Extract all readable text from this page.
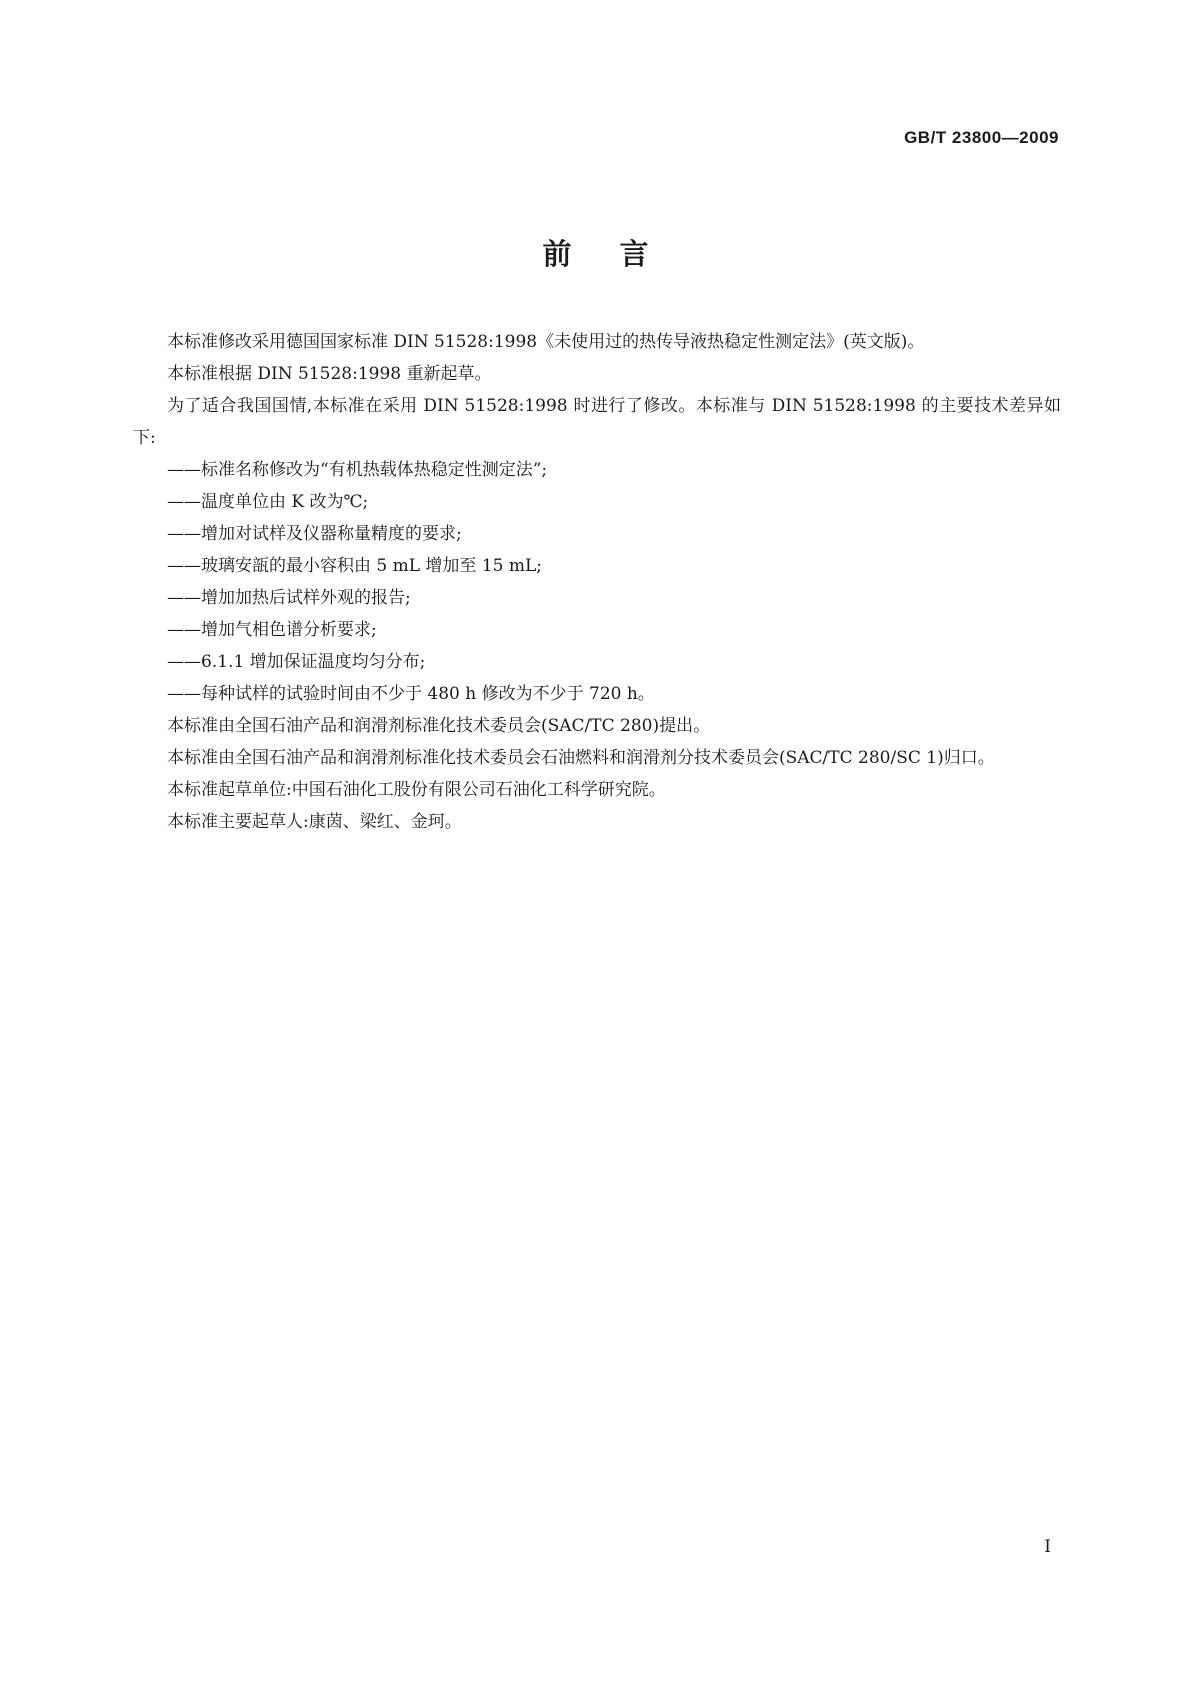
GB/T 23800—2009
前言

本标准修改采用德国国家标准 DIN 51528:1998《未使用过的热传导液热稳定性测定法》(英文版)。

本标准根据 DIN 51528:1998 重新起草。

为了适合我国国情,本标准在采用 DIN 51528:1998 时进行了修改。本标准与 DIN 51528:1998 的主要技术差异如下:

——标准名称修改为“有机热载体热稳定性测定法”;

——温度单位由 K 改为℃;

——增加对试样及仪器称量精度的要求;

——玻璃安瓿的最小容积由 5 mL 增加至 15 mL;

——增加加热后试样外观的报告;

——增加气相色谱分析要求;

——6.1.1 增加保证温度均匀分布;

——每种试样的试验时间由不少于 480 h 修改为不少于 720 h。

本标准由全国石油产品和润滑剂标准化技术委员会(SAC/TC 280)提出。

本标准由全国石油产品和润滑剂标准化技术委员会石油燃料和润滑剂分技术委员会(SAC/TC 280/SC 1)归口。

本标准起草单位:中国石油化工股份有限公司石油化工科学研究院。

本标准主要起草人:康茵、梁红、金珂。

I
